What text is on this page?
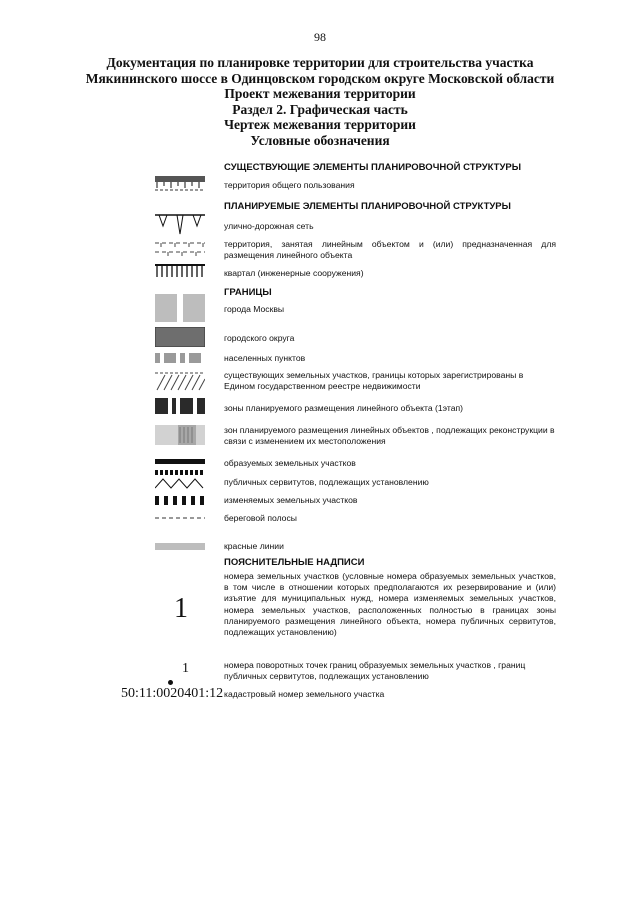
98
Документация по планировке территории для строительства участка
Мякининского шоссе в Одинцовском городском округе Московской области
Проект межевания территории
Раздел 2. Графическая часть
Чертеж межевания территории
Условные обозначения
СУЩЕСТВУЮЩИЕ ЭЛЕМЕНТЫ ПЛАНИРОВОЧНОЙ СТРУКТУРЫ
территория общего пользования
ПЛАНИРУЕМЫЕ ЭЛЕМЕНТЫ ПЛАНИРОВОЧНОЙ СТРУКТУРЫ
улично-дорожная сеть
территория, занятая линейным объектом и (или) предназначенная для размещения линейного объекта
квартал (инженерные сооружения)
ГРАНИЦЫ
города Москвы
городского округа
населенных пунктов
существующих земельных участков, границы которых зарегистрированы в Едином государственном реестре недвижимости
зоны планируемого размещения линейного объекта (1этап)
зон планируемого размещения линейных объектов , подлежащих реконструкции в связи с изменением их местоположения
образуемых земельных участков
публичных сервитутов, подлежащих установлению
изменяемых земельных участков
береговой полосы
красные линии
ПОЯСНИТЕЛЬНЫЕ НАДПИСИ
1
номера земельных участков (условные номера образуемых земельных участков, в том числе в отношении которых предполагаются их резервирование и (или) изъятие для муниципальных нужд, номера изменяемых земельных участков, номера земельных участков, расположенных полностью в границах зоны планируемого размещения линейного объекта, номера публичных сервитутов, подлежащих установлению)
1	номера поворотных точек границ образуемых земельных участков , границ публичных сервитутов, подлежащих установлению
50:11:0020401:12 кадастровый номер земельного участка
